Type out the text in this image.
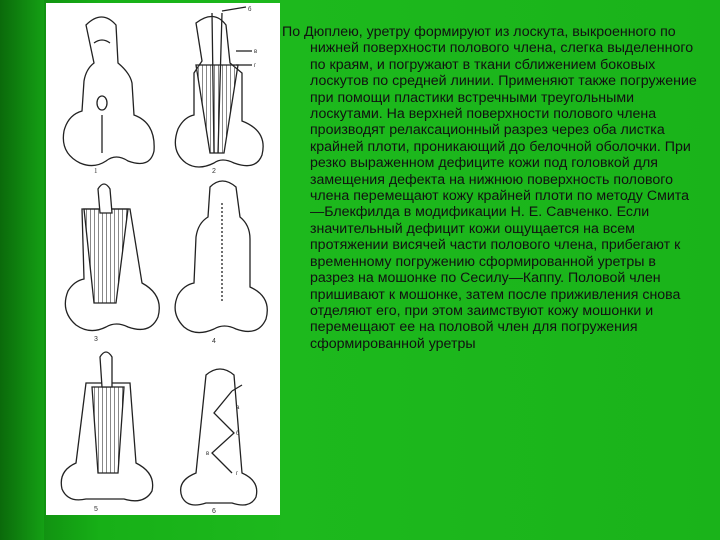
1
б
в
г
2
3	4
5
а
б
в
г
6

По Дюплею, уретру формируют из лоскута, выкроенного по нижней поверхности полового члена, слегка выделенного по краям, и погружают в ткани сближением боковых лоскутов по средней линии. Применяют также погружение при помощи пластики встречными треугольными лоскутами. На верхней поверхности полового члена производят релаксационный разрез через оба листка крайней плоти, проникающий до белочной оболочки. При резко выраженном дефиците кожи под головкой для замещения дефекта на нижнюю поверхность полового члена перемещают кожу крайней плоти по методу Смита—Блекфилда в модификации Н. Е. Савченко. Если значительный дефицит кожи ощущается на всем протяжении висячей части полового члена, прибегают к временному погружению сформированной уретры в разрез на мошонке по Сесилу—Каппу. Половой член пришивают к мошонке, затем после приживления снова отделяют его, при этом заимствуют кожу мошонки и перемещают ее на половой член для погружения сформированной уретры
